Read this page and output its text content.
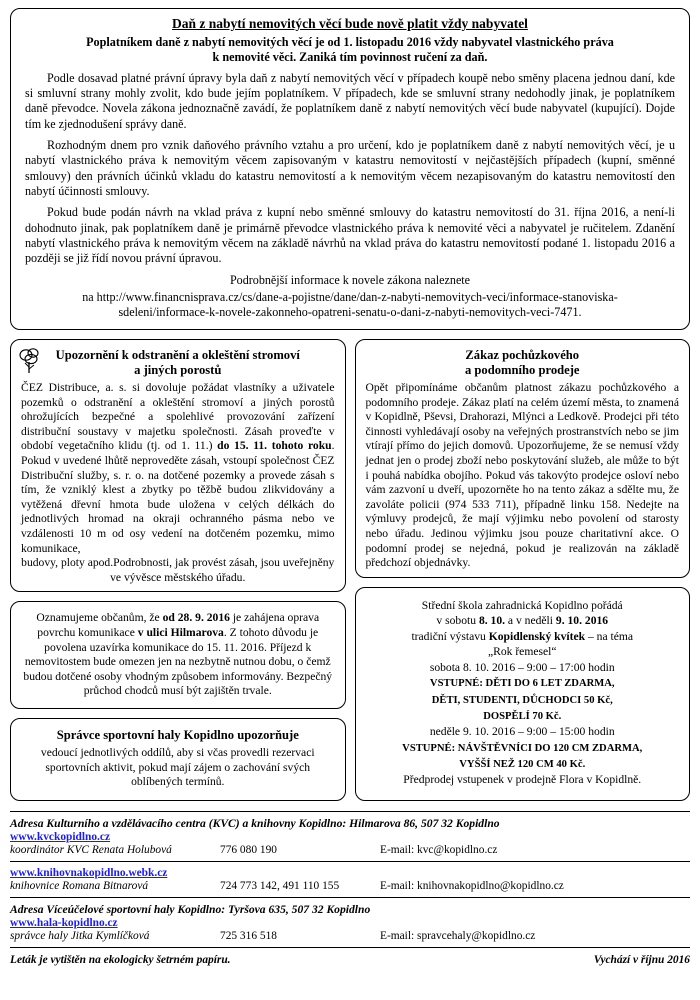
Daň z nabytí nemovitých věcí bude nově platit vždy nabyvatel
Poplatníkem daně z nabytí nemovitých věcí je od 1. listopadu 2016 vždy nabyvatel vlastnického práva
k nemovité věci. Zaniká tím povinnost ručení za daň.

Podle dosavad platné právní úpravy byla daň z nabytí nemovitých věcí v případech koupě nebo směny placena jednou daní, kde si smluvní strany mohly zvolit, kdo bude jejím poplatníkem. V případech, kde se smluvní strany nedohodly jinak, je poplatníkem daně převodce. Novela zákona jednoznačně zavádí, že poplatníkem daně z nabytí nemovitých věcí bude nabyvatel (kupující). Dojde tím ke zjednodušení správy daně.

Rozhodným dnem pro vznik daňového právního vztahu a pro určení, kdo je poplatníkem daně z nabytí nemovitých věcí, je u nabytí vlastnického práva k nemovitým věcem zapisovaným v katastru nemovitostí v nejčastějších případech (kupní, směnné smlouvy) den právních účinků vkladu do katastru nemovitostí a k nemovitým věcem nezapisovaným do katastru nemovitostí den nabytí účinnosti smlouvy.

Pokud bude podán návrh na vklad práva z kupní nebo směnné smlouvy do katastru nemovitostí do 31. října 2016, a není-li dohodnuto jinak, pak poplatníkem daně je primárně převodce vlastnického práva k nemovité věci a nabyvatel je ručitelem. Zdanění nabytí vlastnického práva k nemovitým věcem na základě návrhů na vklad práva do katastru nemovitostí podané 1. listopadu 2016 a později se již řídí novou právní úpravou.

Podrobnější informace k novele zákona naleznete
na http://www.financnisprava.cz/cs/dane-a-pojistne/dane/dan-z-nabyti-nemovitych-veci/informace-stanoviska-
sdeleni/informace-k-novele-zakonneho-opatreni-senatu-o-dani-z-nabyti-nemovitych-veci-7471.
Upozornění k odstranění a okleštění stromoví
a jiných porostů
ČEZ Distribuce, a. s. si dovoluje požádat vlastníky a uživatele pozemků o odstranění a okleštění stromoví a jiných porostů ohrožujících bezpečné a spolehlivé provozování zařízení distribuční soustavy v majetku společnosti. Zásah proveďte v období vegetačního klidu (tj. od 1. 11.) do 15. 11. tohoto roku. Pokud v uvedené lhůtě neproveděte zásah, vstoupí společnost ČEZ Distribuční služby, s. r. o. na dotčené pozemky a provede zásah s tím, že vzniklý klest a zbytky po těžbě budou zlikvidovány a vytěžená dřevní hmota bude uložena v celých délkách do jednotlivých hromad na okraji ochranného pásma nebo ve vzdálenosti 10 m od osy vedení na dotčeném pozemku, mimo komunikace,
budovy, ploty apod.Podrobnosti, jak provést zásah, jsou uveřejněny ve vývěsce městského úřadu.
Oznamujeme občanům, že od 28. 9. 2016 je zahájena oprava povrchu komunikace v ulici Hilmarova. Z tohoto důvodu je povolena uzavírka komunikace do 15. 11. 2016. Příjezd k nemovitostem bude omezen jen na nezbytně nutnou dobu, o čemž budou dotčené osoby vhodným způsobem informovány. Bezpečný průchod chodců musí být zajištěn trvale.
Správce sportovní haly Kopidlno upozorňuje
vedoucí jednotlivých oddílů, aby si včas provedli rezervaci sportovních aktivit, pokud mají zájem o zachování svých oblíbených termínů.
Zákaz pochůzkového
a podomního prodeje
Opět připomínáme občanům platnost zákazu pochůzkového a podomního prodeje. Zákaz platí na celém území města, to znamená v Kopidlně, Pševsi, Drahorazi, Mlýnci a Ledkově. Prodejci při této činnosti vyhledávají osoby na veřejných prostranstvích nebo se jim vtírají přímo do jejich domovů. Upozorňujeme, že se nemusí vždy jednat jen o prodej zboží nebo poskytování služeb, ale může to být i pouhá nabídka obojího. Pokud vás takovýto prodejce osloví nebo vám zazvoní u dveří, upozorněte ho na tento zákaz a sdělte mu, že zavoláte policii (974 533 711), případně linku 158. Nedejte na výmluvy prodejců, že mají výjimku nebo povolení od starosty nebo úřadu. Jedinou výjimku jsou pouze charitativní akce. O podomní prodej se nejedná, pokud je realizován na základě předchozí objednávky.
Střední škola zahradnická Kopidlno pořádá
v sobotu 8. 10. a v neděli 9. 10. 2016
tradiční výstavu Kopidlenský kvítek – na téma
„Rok řemesel“
sobota 8. 10. 2016 – 9:00 – 17:00 hodin
VSTUPNÉ: DĚTI DO 6 LET ZDARMA,
DĚTI, STUDENTI, DŮCHODCI 50 Kč,
DOSPĚLÍ 70 Kč.
neděle 9. 10. 2016 – 9:00 – 15:00 hodin
VSTUPNÉ: NÁVŠTĚVNÍCI DO 120 CM ZDARMA,
VYŠŠÍ NEŽ 120 CM 40 Kč.
Předprodej vstupenek v prodejně Flora v Kopidlně.
Adresa Kulturního a vzdělávacího centra (KVC) a knihovny Kopidlno: Hilmarova 86, 507 32 Kopidlno
www.kvckopidlno.cz
koordinátor KVC Renata Holubová	776 080 190	E-mail: kvc@kopidlno.cz
www.knihovnakopidlno.webk.cz
knihovnice Romana Bitnarová	724 773 142, 491 110 155	E-mail: knihovnakopidlno@kopidlno.cz
Adresa Víceúčelové sportovní haly Kopidlno: Tyršova 635, 507 32 Kopidlno
www.hala-kopidlno.cz
správce haly Jitka Kymlíčková	725 316 518	E-mail: spravcehaly@kopidlno.cz
Leták je vytištěn na ekologicky šetrném papíru.	Vychází v říjnu 2016
